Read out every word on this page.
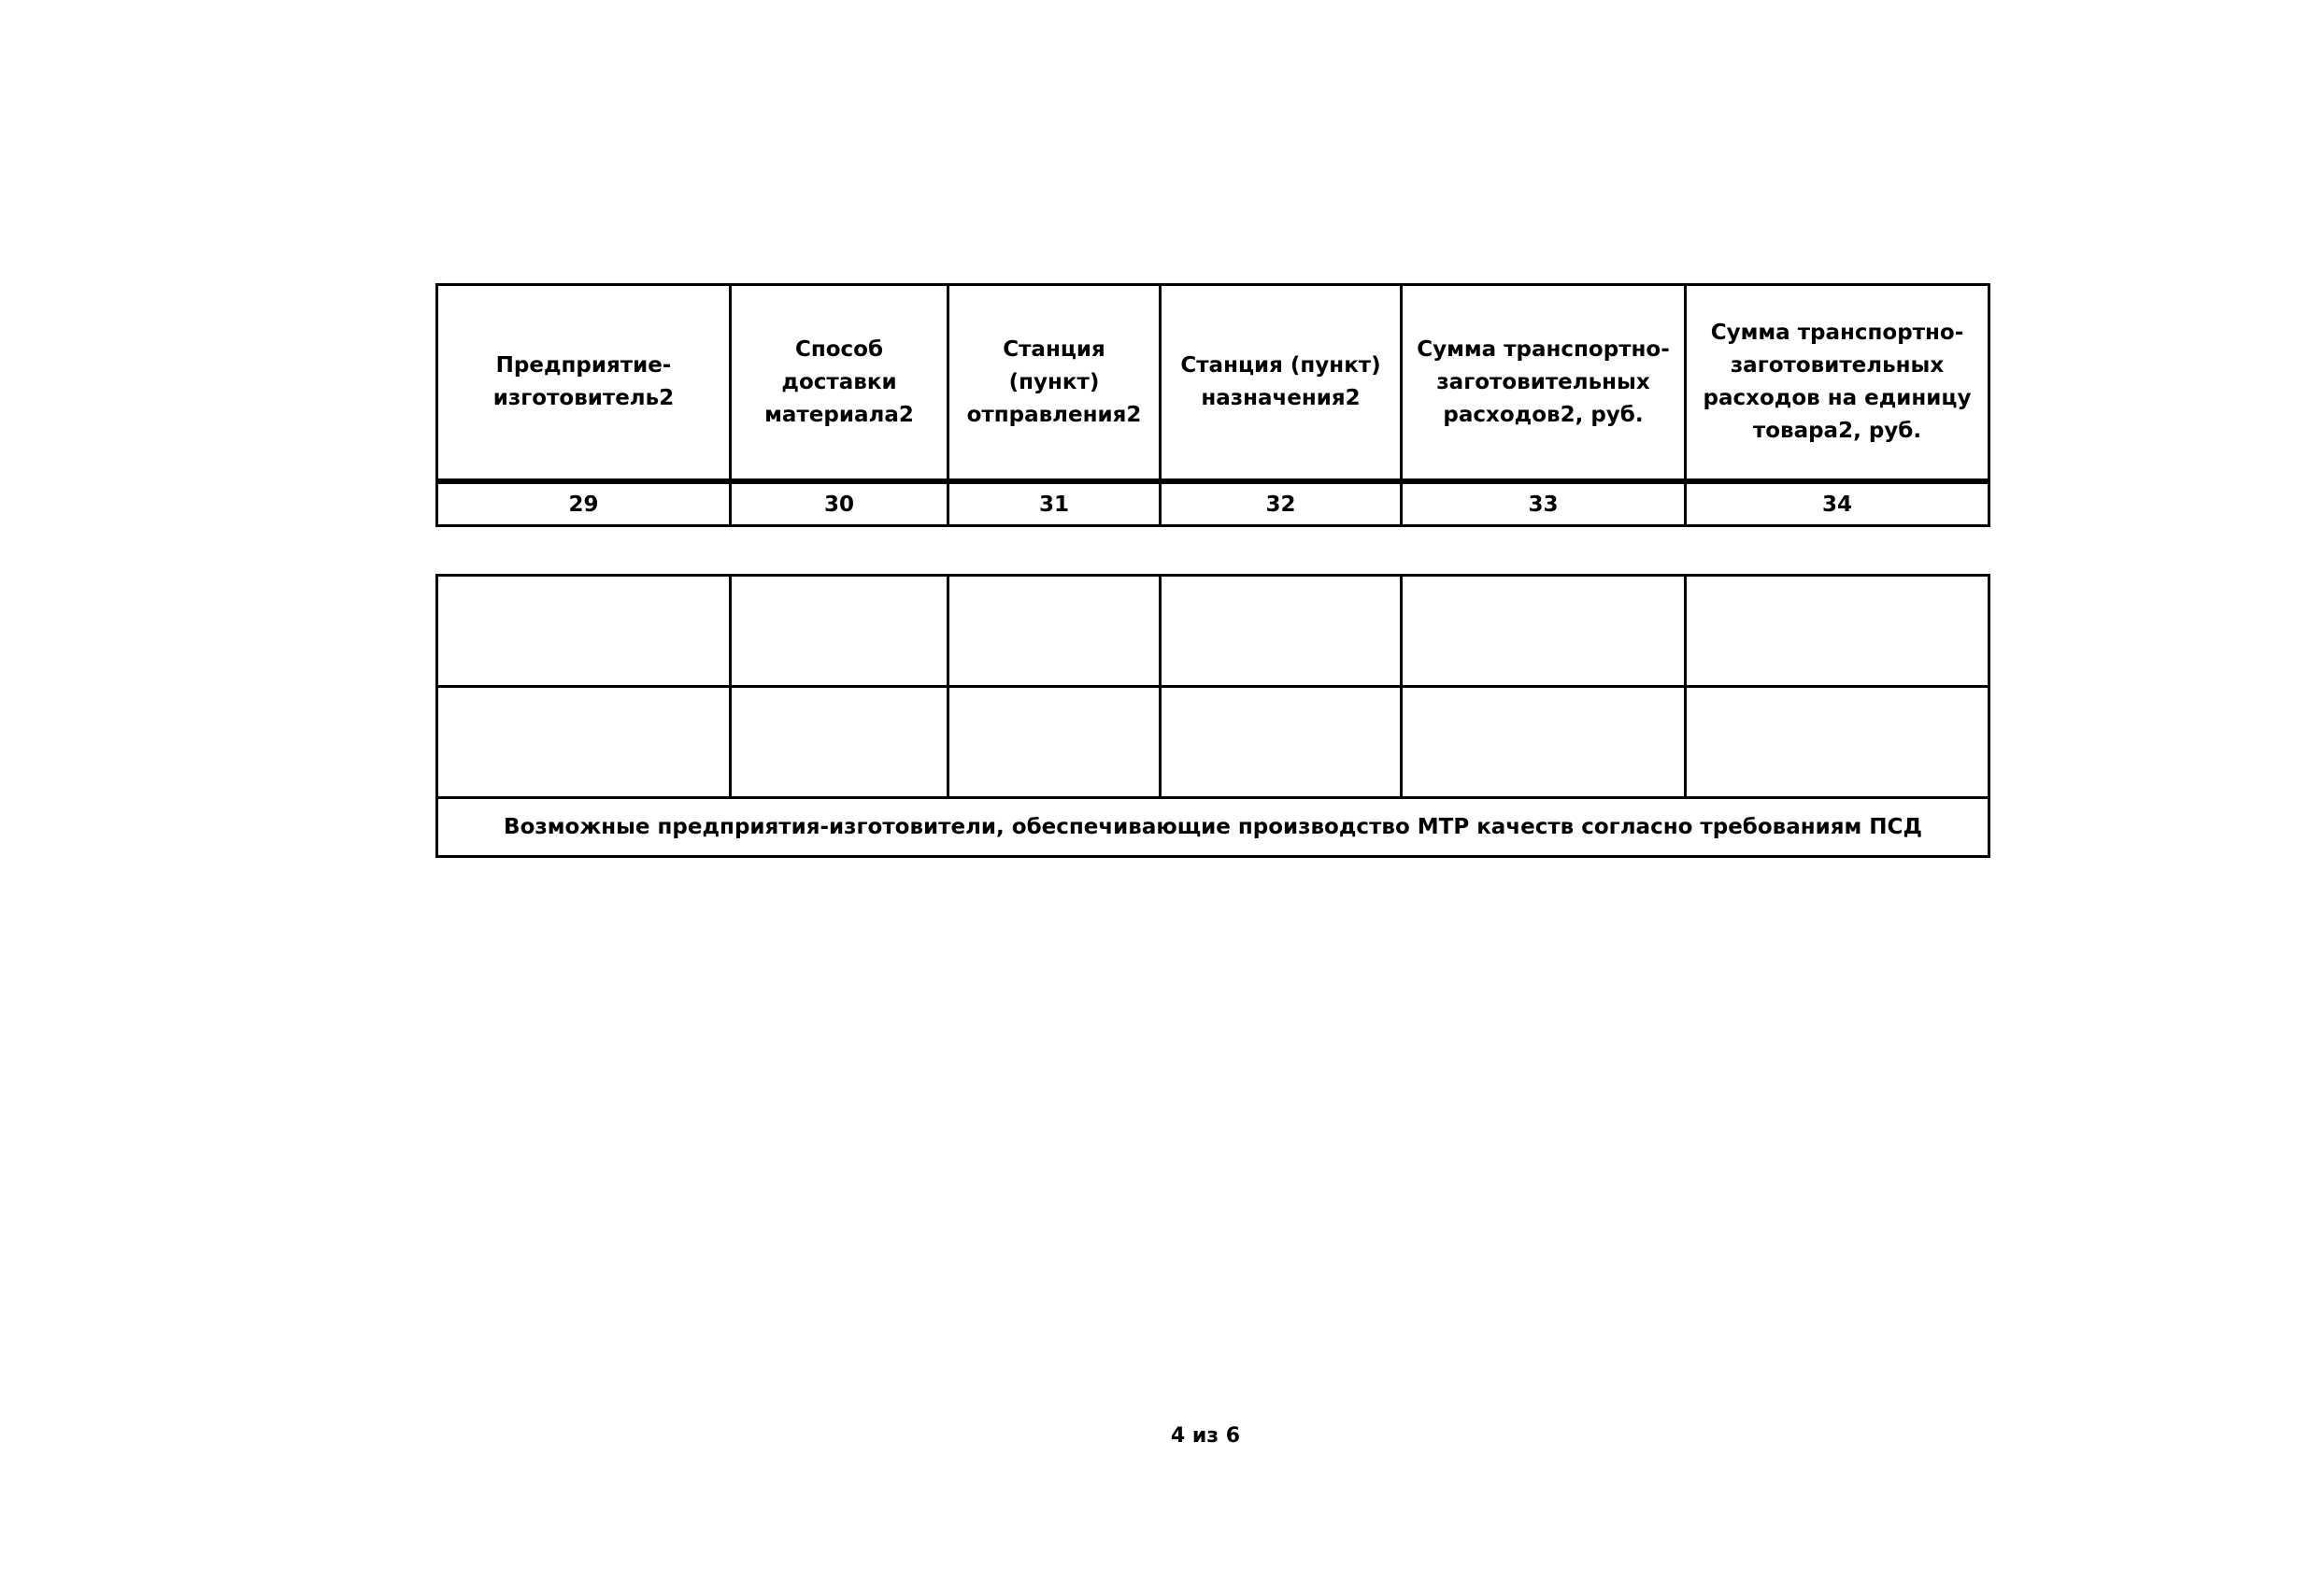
Предприятие-изготовитель2	Способ доставки материала2	Станция (пункт) отправления2	Станция (пункт) назначения2	Сумма транспортно-заготовительных расходов2, руб.	Сумма транспортно-заготовительных расходов на единицу товара2, руб.
29	30	31	32	33	34

Возможные предприятия-изготовители, обеспечивающие производство МТР качеств согласно требованиям ПСД					
4 из 6
